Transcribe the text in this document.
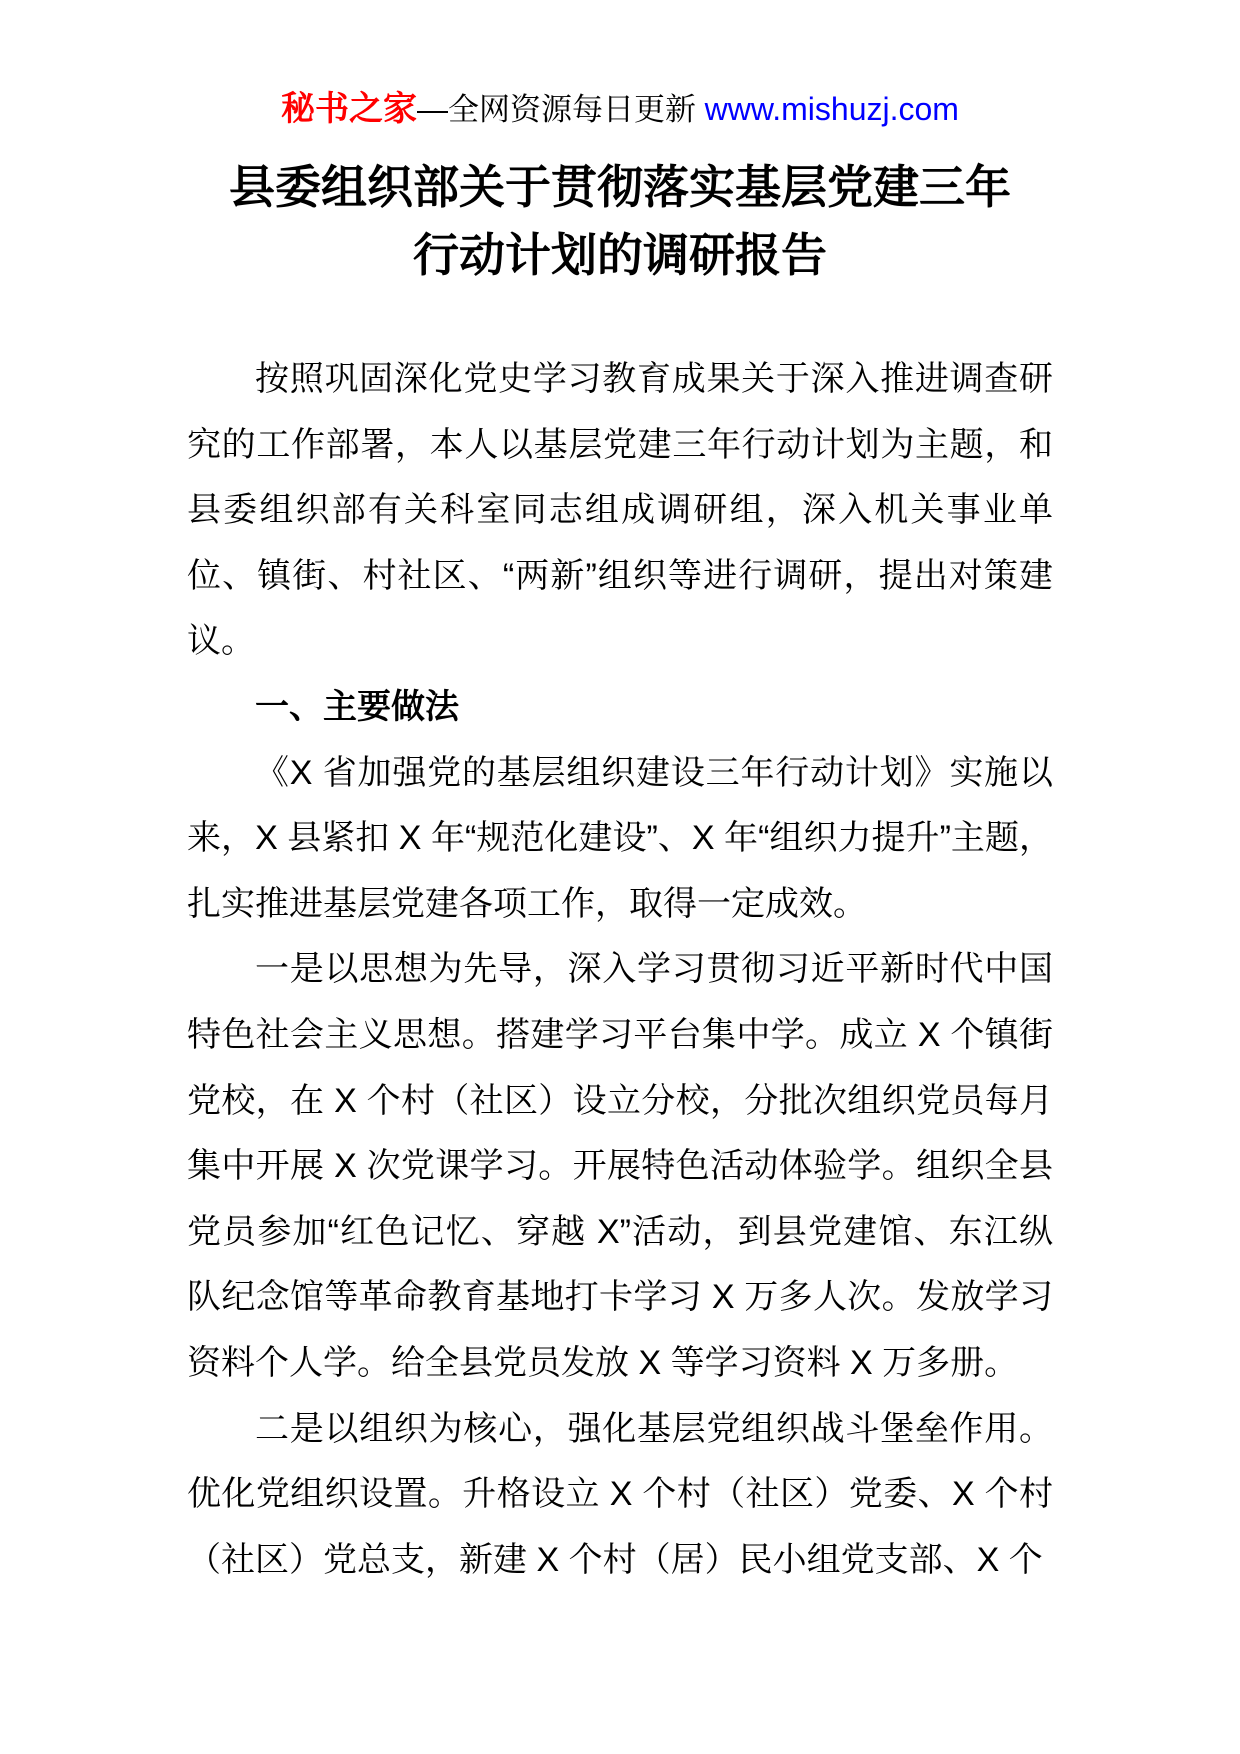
秘书之家—全网资源每日更新 www.mishuzj.com
县委组织部关于贯彻落实基层党建三年行动计划的调研报告

按照巩固深化党史学习教育成果关于深入推进调查研究的工作部署，本人以基层党建三年行动计划为主题，和县委组织部有关科室同志组成调研组，深入机关事业单位、镇街、村社区、“两新”组织等进行调研，提出对策建议。

一、主要做法

《X 省加强党的基层组织建设三年行动计划》实施以来，X 县紧扣 X 年“规范化建设”、X 年“组织力提升”主题，扎实推进基层党建各项工作，取得一定成效。

一是以思想为先导，深入学习贯彻习近平新时代中国特色社会主义思想。搭建学习平台集中学。成立 X 个镇街党校，在 X 个村（社区）设立分校，分批次组织党员每月集中开展 X 次党课学习。开展特色活动体验学。组织全县党员参加“红色记忆、穿越 X”活动，到县党建馆、东江纵队纪念馆等革命教育基地打卡学习 X 万多人次。发放学习资料个人学。给全县党员发放 X 等学习资料 X 万多册。

二是以组织为核心，强化基层党组织战斗堡垒作用。优化党组织设置。升格设立 X 个村（社区）党委、X 个村（社区）党总支，新建 X 个村（居）民小组党支部、X 个
